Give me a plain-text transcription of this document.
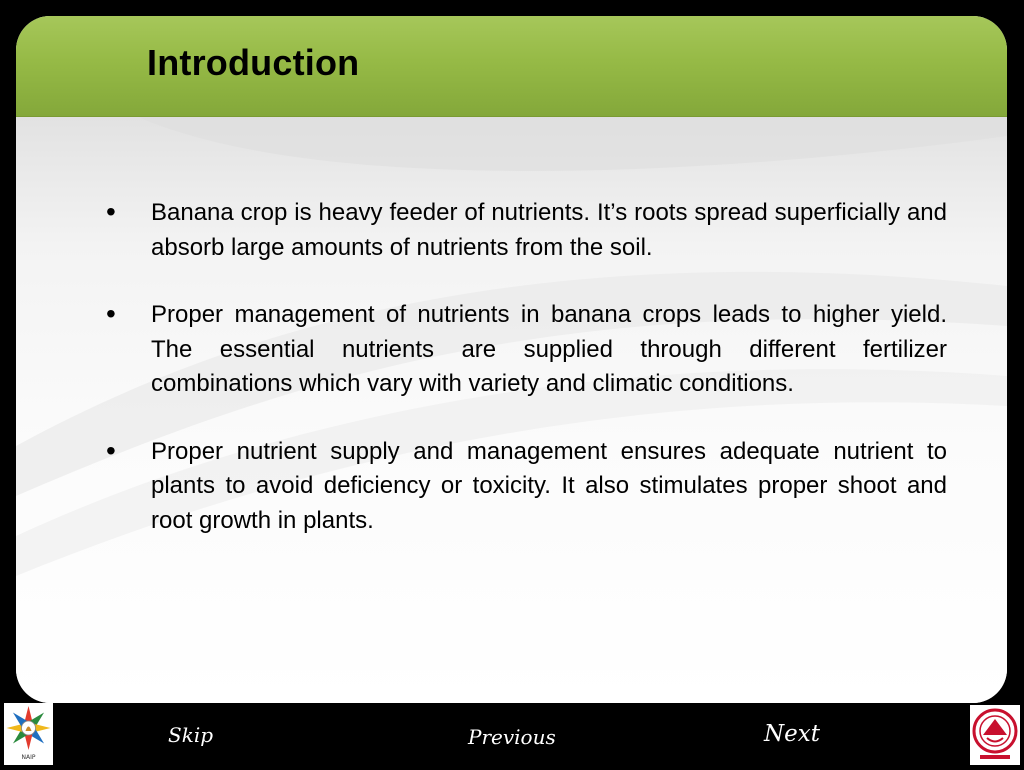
Introduction
• Banana crop is heavy feeder of nutrients. It’s roots spread superficially and absorb large amounts of nutrients from the soil.
• Proper management of nutrients in banana crops leads to higher yield. The essential nutrients are supplied through different fertilizer combinations which vary with variety and climatic conditions.
• Proper nutrient supply and management ensures adequate nutrient to plants to avoid deficiency or toxicity. It also stimulates proper shoot and root growth in plants.
NAIP
Skip	Previous	Next
